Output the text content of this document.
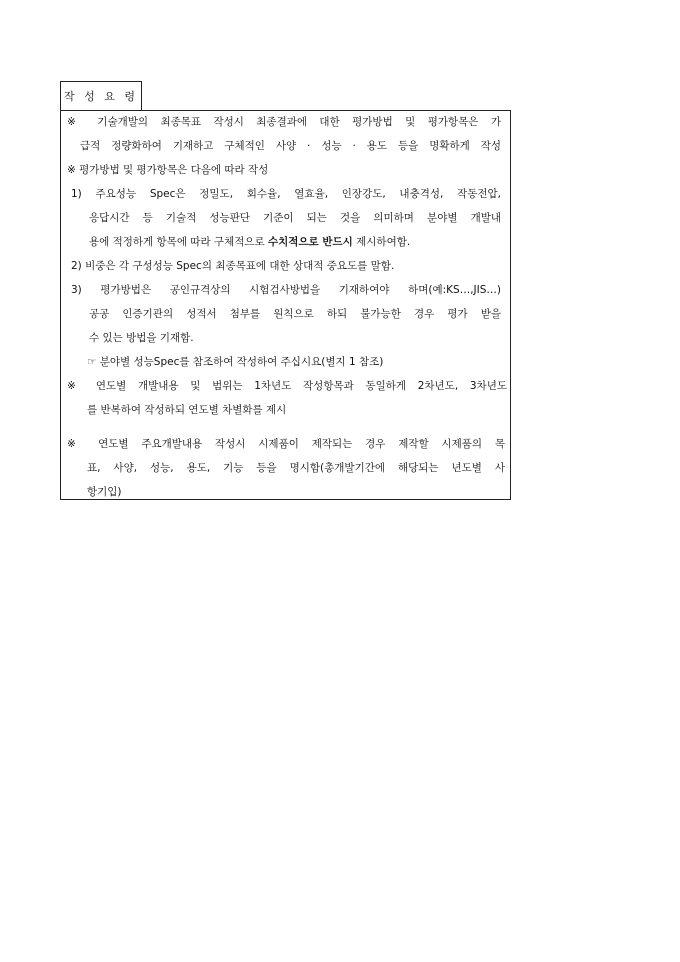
작 성 요 령
※ 기술개발의 최종목표 작성시 최종결과에 대한 평가방법 및 평가항목은 가
급적 정량화하여 기재하고 구체적인 사양 · 성능 · 용도 등을 명확하게 작성
※ 평가방법 및 평가항목은 다음에 따라 작성
1) 주요성능 Spec은 정밀도, 회수율, 열효율, 인장강도, 내충격성, 작동전압,
응답시간 등 기술적 성능판단 기준이 되는 것을 의미하며 분야별 개발내
용에 적정하게 항목에 따라 구체적으로 수치적으로 반드시 제시하여함.
2) 비중은 각 구성성능 Spec의 최종목표에 대한 상대적 중요도를 말함.
3) 평가방법은 공인규격상의 시험검사방법을 기재하여야 하며(예:KS…,JIS…)
공공 인증기관의 성적서 첨부를 원칙으로 하되 불가능한 경우 평가 받을
수 있는 방법을 기재함.
☞ 분야별 성능Spec를 참조하여 작성하여 주십시요(별지 1 참조)
※ 연도별 개발내용 및 범위는 1차년도 작성항목과 동일하게 2차년도, 3차년도
를 반복하여 작성하되 연도별 차별화를 제시
※ 연도별 주요개발내용 작성시 시제품이 제작되는 경우 제작할 시제품의 목
표, 사양, 성능, 용도, 기능 등을 명시함(총개발기간에 해당되는 년도별 사
항기입)
